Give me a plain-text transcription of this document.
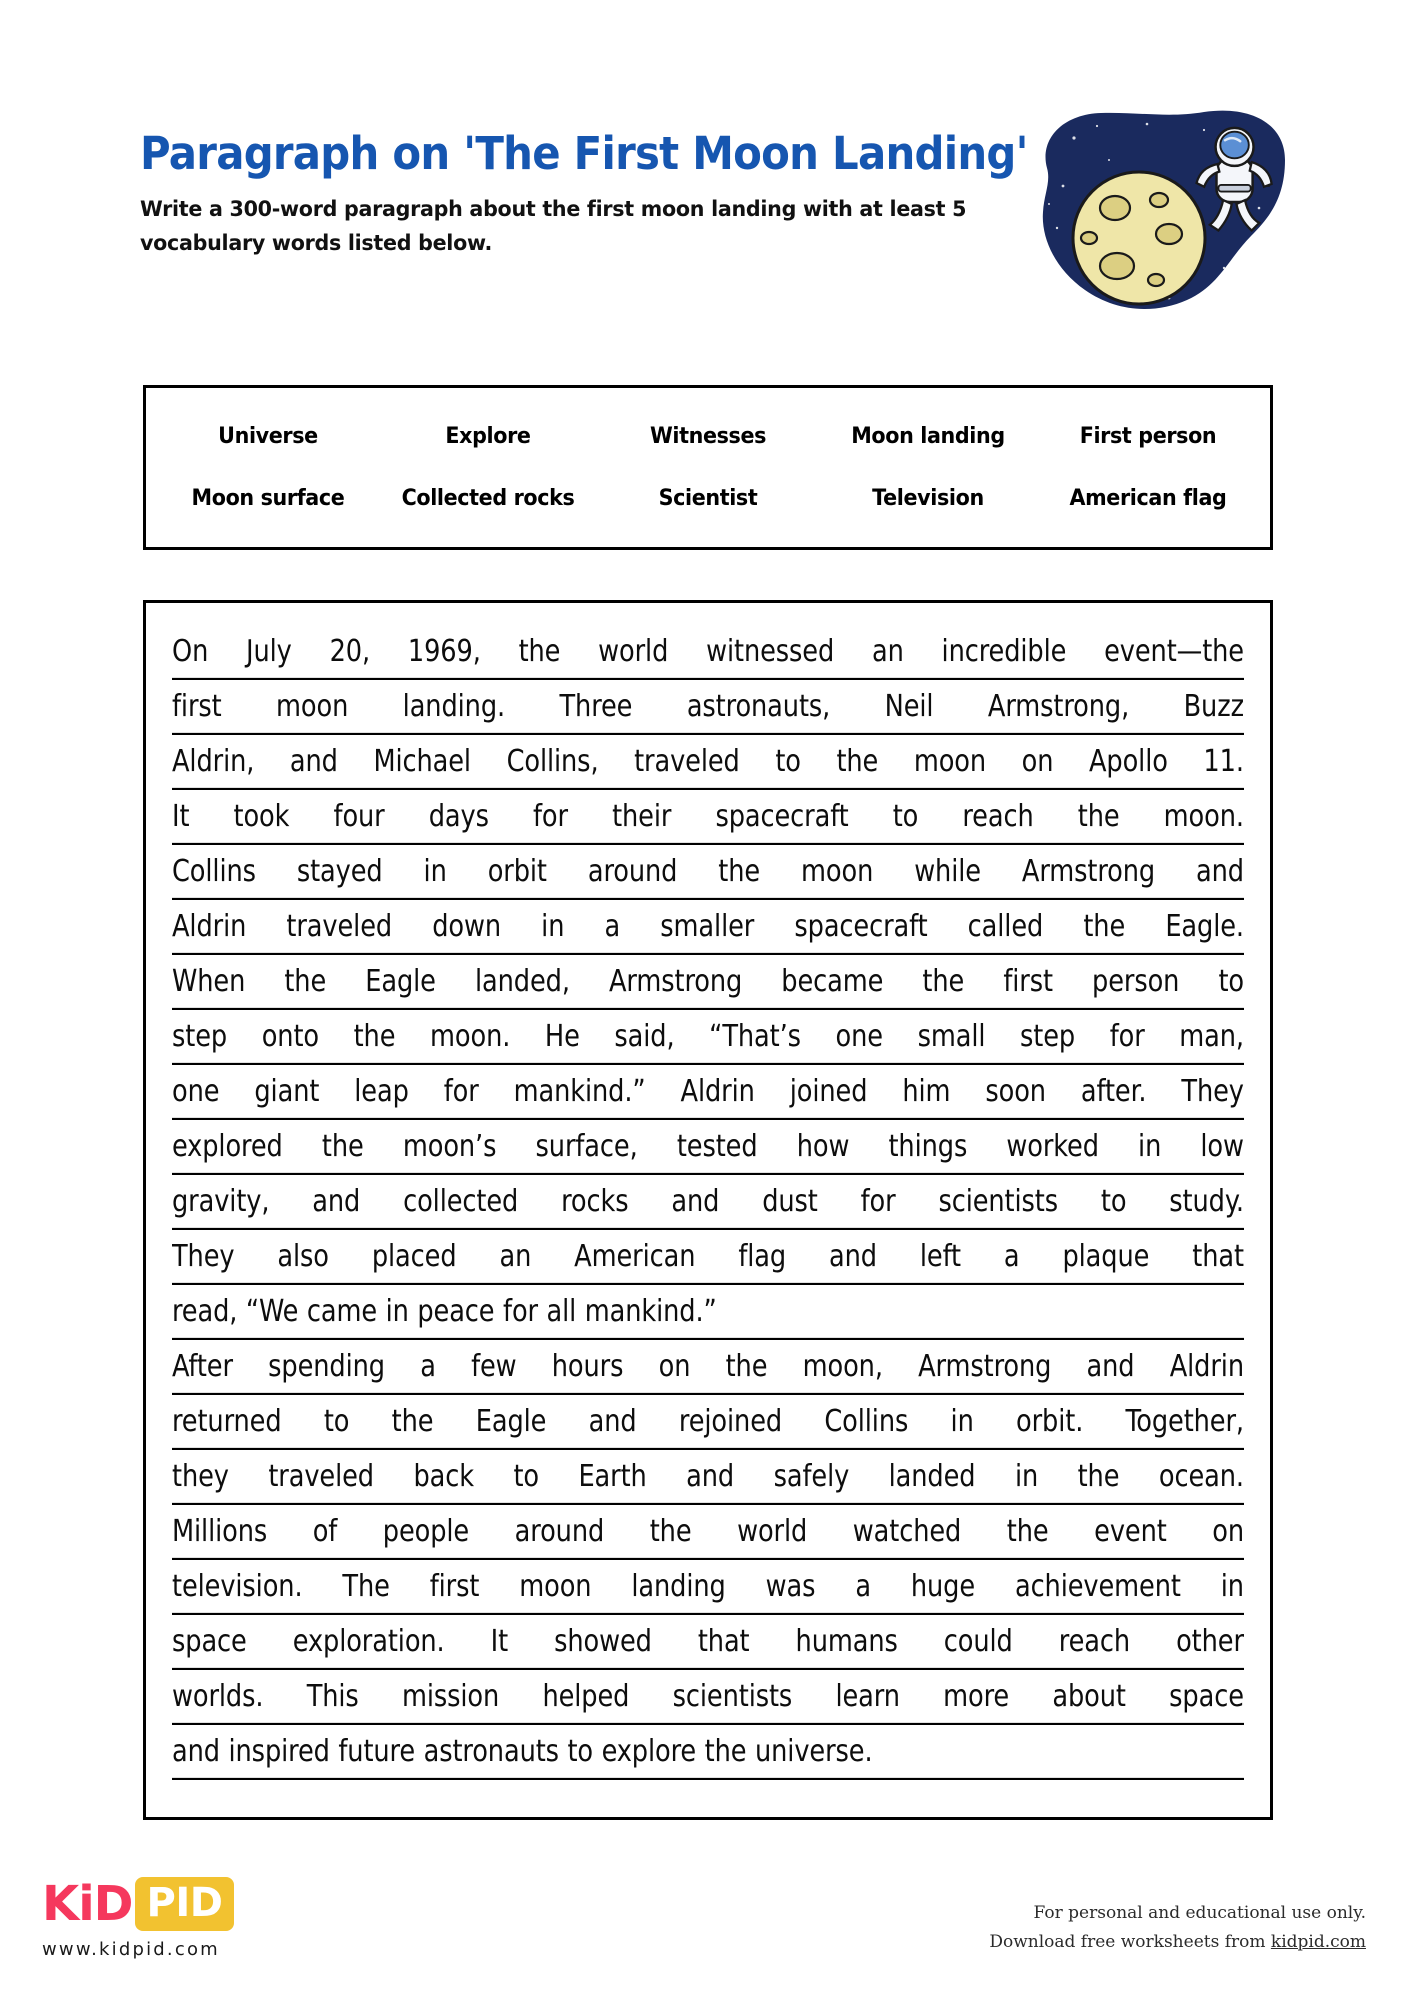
Paragraph on 'The First Moon Landing'
Write a 300-word paragraph about the first moon landing with at least 5 vocabulary words listed below.
Universe	Explore	Witnesses	Moon landing	First person
Moon surface	Collected rocks	Scientist	Television	American flag
On July 20, 1969, the world witnessed an incredible event—the
first moon landing. Three astronauts, Neil Armstrong, Buzz
Aldrin, and Michael Collins, traveled to the moon on Apollo 11.
It took four days for their spacecraft to reach the moon.
Collins stayed in orbit around the moon while Armstrong and
Aldrin traveled down in a smaller spacecraft called the Eagle.
When the Eagle landed, Armstrong became the first person to
step onto the moon. He said, “That’s one small step for man,
one giant leap for mankind.” Aldrin joined him soon after. They
explored the moon’s surface, tested how things worked in low
gravity, and collected rocks and dust for scientists to study.
They also placed an American flag and left a plaque that
read, “We came in peace for all mankind.”
After spending a few hours on the moon, Armstrong and Aldrin
returned to the Eagle and rejoined Collins in orbit. Together,
they traveled back to Earth and safely landed in the ocean.
Millions of people around the world watched the event on
television. The first moon landing was a huge achievement in
space exploration. It showed that humans could reach other
worlds. This mission helped scientists learn more about space
and inspired future astronauts to explore the universe.
KiD PID
www.kidpid.com
For personal and educational use only.
Download free worksheets from kidpid.com
